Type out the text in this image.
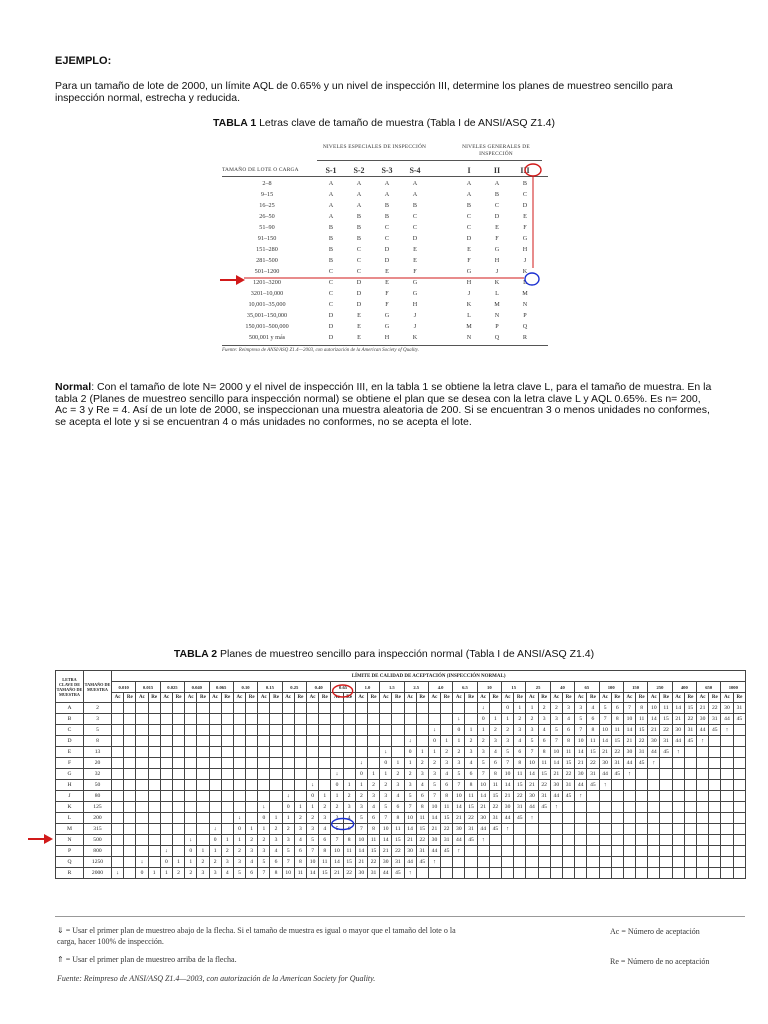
EJEMPLO:

Para un tamaño de lote de 2000, un límite AQL de 0.65% y un nivel de inspección III, determine los planes de muestreo sencillo para inspección normal, estrecha y reducida.

TABLA 1 Letras clave de tamaño de muestra (Tabla I de ANSI/ASQ Z1.4)

NIVELES ESPECIALES DE INSPECCIÓN	NIVELES GENERALES DE INSPECCIÓN
TAMAÑO DE LOTE O CARGA	S-1	S-2	S-3	S-4	I	II	III
2–8	A	A	A	A	A	A	B
9–15	A	A	A	A	A	B	C
16–25	A	A	B	B	B	C	D
26–50	A	B	B	C	C	D	E
51–90	B	B	C	C	C	E	F
91–150	B	B	C	D	D	F	G
151–280	B	C	D	E	E	G	H
281–500	B	C	D	E	F	H	J
501–1200	C	C	E	F	G	J	K
1201–3200	C	D	E	G	H	K	L
3201–10,000	C	D	F	G	J	L	M
10,001–35,000	C	D	F	H	K	M	N
35,001–150,000	D	E	G	J	L	N	P
150,001–500,000	D	E	G	J	M	P	Q
500,001 y más	D	E	H	K	N	Q	R
Fuente: Reimpreso de ANSI/ASQ Z1.4—2003, con autorización de la American Society of Quality.

Normal: Con el tamaño de lote N= 2000 y el nivel de inspección III, en la tabla 1 se obtiene la letra clave L, para el tamaño de muestra. En la tabla 2 (Planes de muestreo sencillo para inspección normal) se obtiene el plan que se desea con la letra clave L y AQL 0.65%. Es n= 200, Ac = 3 y Re = 4. Así de un lote de 2000, se inspeccionan una muestra aleatoria de 200. Si se encuentran 3 o menos unidades no conformes, se acepta el lote y si se encuentran 4 o más unidades no conformes, no se acepta el lote.

TABLA 2 Planes de muestreo sencillo para inspección normal (Tabla I de ANSI/ASQ Z1.4)

LETRA CLAVE DE TAMAÑO DE MUESTRA	TAMAÑO DE MUESTRA	LÍMITE DE CALIDAD DE ACEPTACIÓN (INSPECCIÓN NORMAL)																																																			
		0.010		0.015		0.025		0.040		0.065		0.10		0.15		0.25		0.40		0.65		1.0		1.5		2.5		4.0		6.5		10		15		25		40		65		100		150		250		400		650		1000	
		Ac	Re	Ac	Re	Ac	Re	Ac	Re	Ac	Re	Ac	Re	Ac	Re	Ac	Re	Ac	Re	Ac	Re	Ac	Re	Ac	Re	Ac	Re	Ac	Re	Ac	Re	Ac	Re	Ac	Re	Ac	Re	Ac	Re	Ac	Re	Ac	Re	Ac	Re	Ac	Re	Ac	Re	Ac	Re	Ac	Re
A	2																															↓		0	1	1	2	2	3	3	4	5	6	7	8	10	11	14	15	21	22	30	31
B	3																													↓		0	1	1	2	2	3	3	4	5	6	7	8	10	11	14	15	21	22	30	31	44	45
C	5																											↓		0	1	1	2	2	3	3	4	5	6	7	8	10	11	14	15	21	22	30	31	44	45	↑	
D	8																									↓		0	1	1	2	2	3	3	4	5	6	7	8	10	11	14	15	21	22	30	31	44	45	↑			
E	13																							↓		0	1	1	2	2	3	3	4	5	6	7	8	10	11	14	15	21	22	30	31	44	45	↑					
F	20																					↓		0	1	1	2	2	3	3	4	5	6	7	8	10	11	14	15	21	22	30	31	44	45	↑							
G	32																			↓		0	1	1	2	2	3	3	4	5	6	7	8	10	11	14	15	21	22	30	31	44	45	↑									
H	50																	↓		0	1	1	2	2	3	3	4	5	6	7	8	10	11	14	15	21	22	30	31	44	45	↑											
J	80															↓		0	1	1	2	2	3	3	4	5	6	7	8	10	11	14	15	21	22	30	31	44	45	↑													
K	125													↓		0	1	1	2	2	3	3	4	5	6	7	8	10	11	14	15	21	22	30	31	44	45	↑															
L	200											↓		0	1	1	2	2	3	3	4	5	6	7	8	10	11	14	15	21	22	30	31	44	45	↑																	
M	315									↓		0	1	1	2	2	3	3	4	5	6	7	8	10	11	14	15	21	22	30	31	44	45	↑																			
N	500							↓		0	1	1	2	2	3	3	4	5	6	7	8	10	11	14	15	21	22	30	31	44	45	↑																					
P	800					↓		0	1	1	2	2	3	3	4	5	6	7	8	10	11	14	15	21	22	30	31	44	45	↑																							
Q	1250			↓		0	1	1	2	2	3	3	4	5	6	7	8	10	11	14	15	21	22	30	31	44	45	↑																									
R	2000	↓		0	1	1	2	2	3	3	4	5	6	7	8	10	11	14	15	21	22	30	31	44	45	↑																											
⇓ = Usar el primer plan de muestreo abajo de la flecha. Si el tamaño de muestra es igual o mayor que el tamaño del lote o la carga, hacer 100% de inspección.
⇑ = Usar el primer plan de muestreo arriba de la flecha.
Ac = Número de aceptación
Re = Número de no aceptación
Fuente: Reimpreso de ANSI/ASQ Z1.4—2003, con autorización de la American Society for Quality.
